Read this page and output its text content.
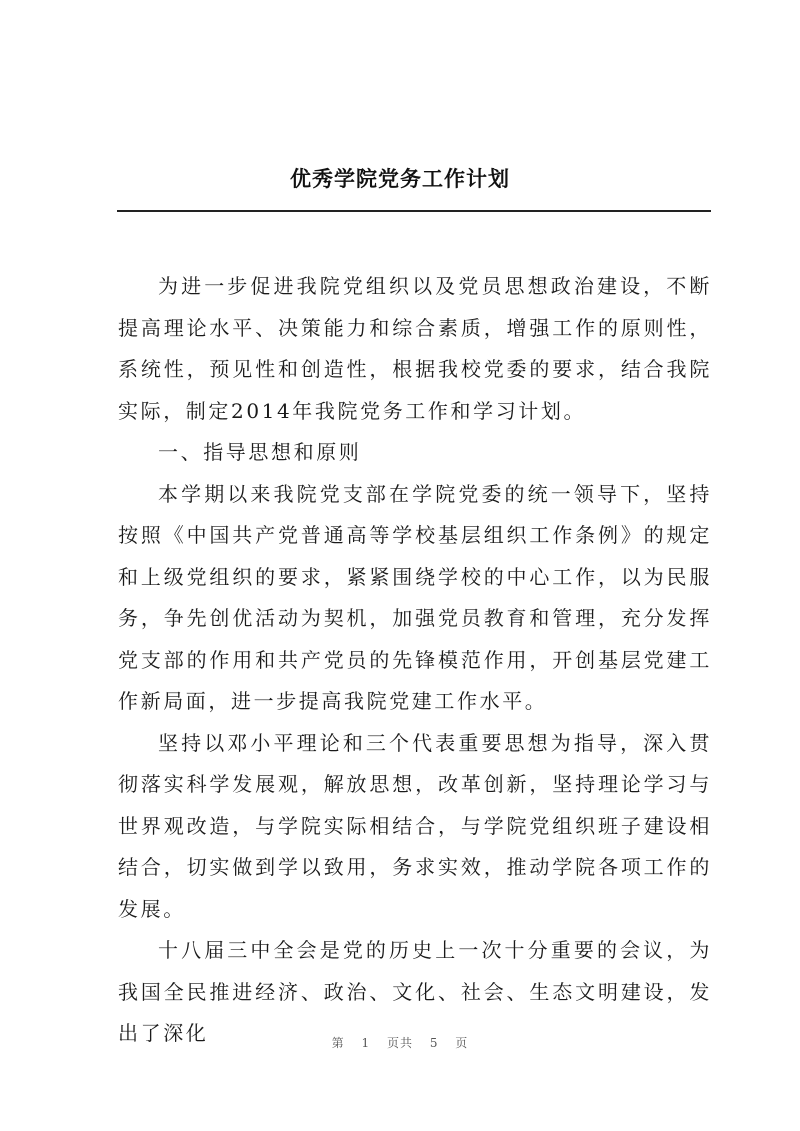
优秀学院党务工作计划

为进一步促进我院党组织以及党员思想政治建设，不断提高理论水平、决策能力和综合素质，增强工作的原则性，系统性，预见性和创造性，根据我校党委的要求，结合我院实际，制定2014年我院党务工作和学习计划。

一、指导思想和原则

本学期以来我院党支部在学院党委的统一领导下，坚持按照《中国共产党普通高等学校基层组织工作条例》的规定和上级党组织的要求，紧紧围绕学校的中心工作，以为民服务，争先创优活动为契机，加强党员教育和管理，充分发挥党支部的作用和共产党员的先锋模范作用，开创基层党建工作新局面，进一步提高我院党建工作水平。

坚持以邓小平理论和三个代表重要思想为指导，深入贯彻落实科学发展观，解放思想，改革创新，坚持理论学习与世界观改造，与学院实际相结合，与学院党组织班子建设相结合，切实做到学以致用，务求实效，推动学院各项工作的发展。

十八届三中全会是党的历史上一次十分重要的会议，为我国全民推进经济、政治、文化、社会、生态文明建设，发出了深化	第 1 页共 5 页
